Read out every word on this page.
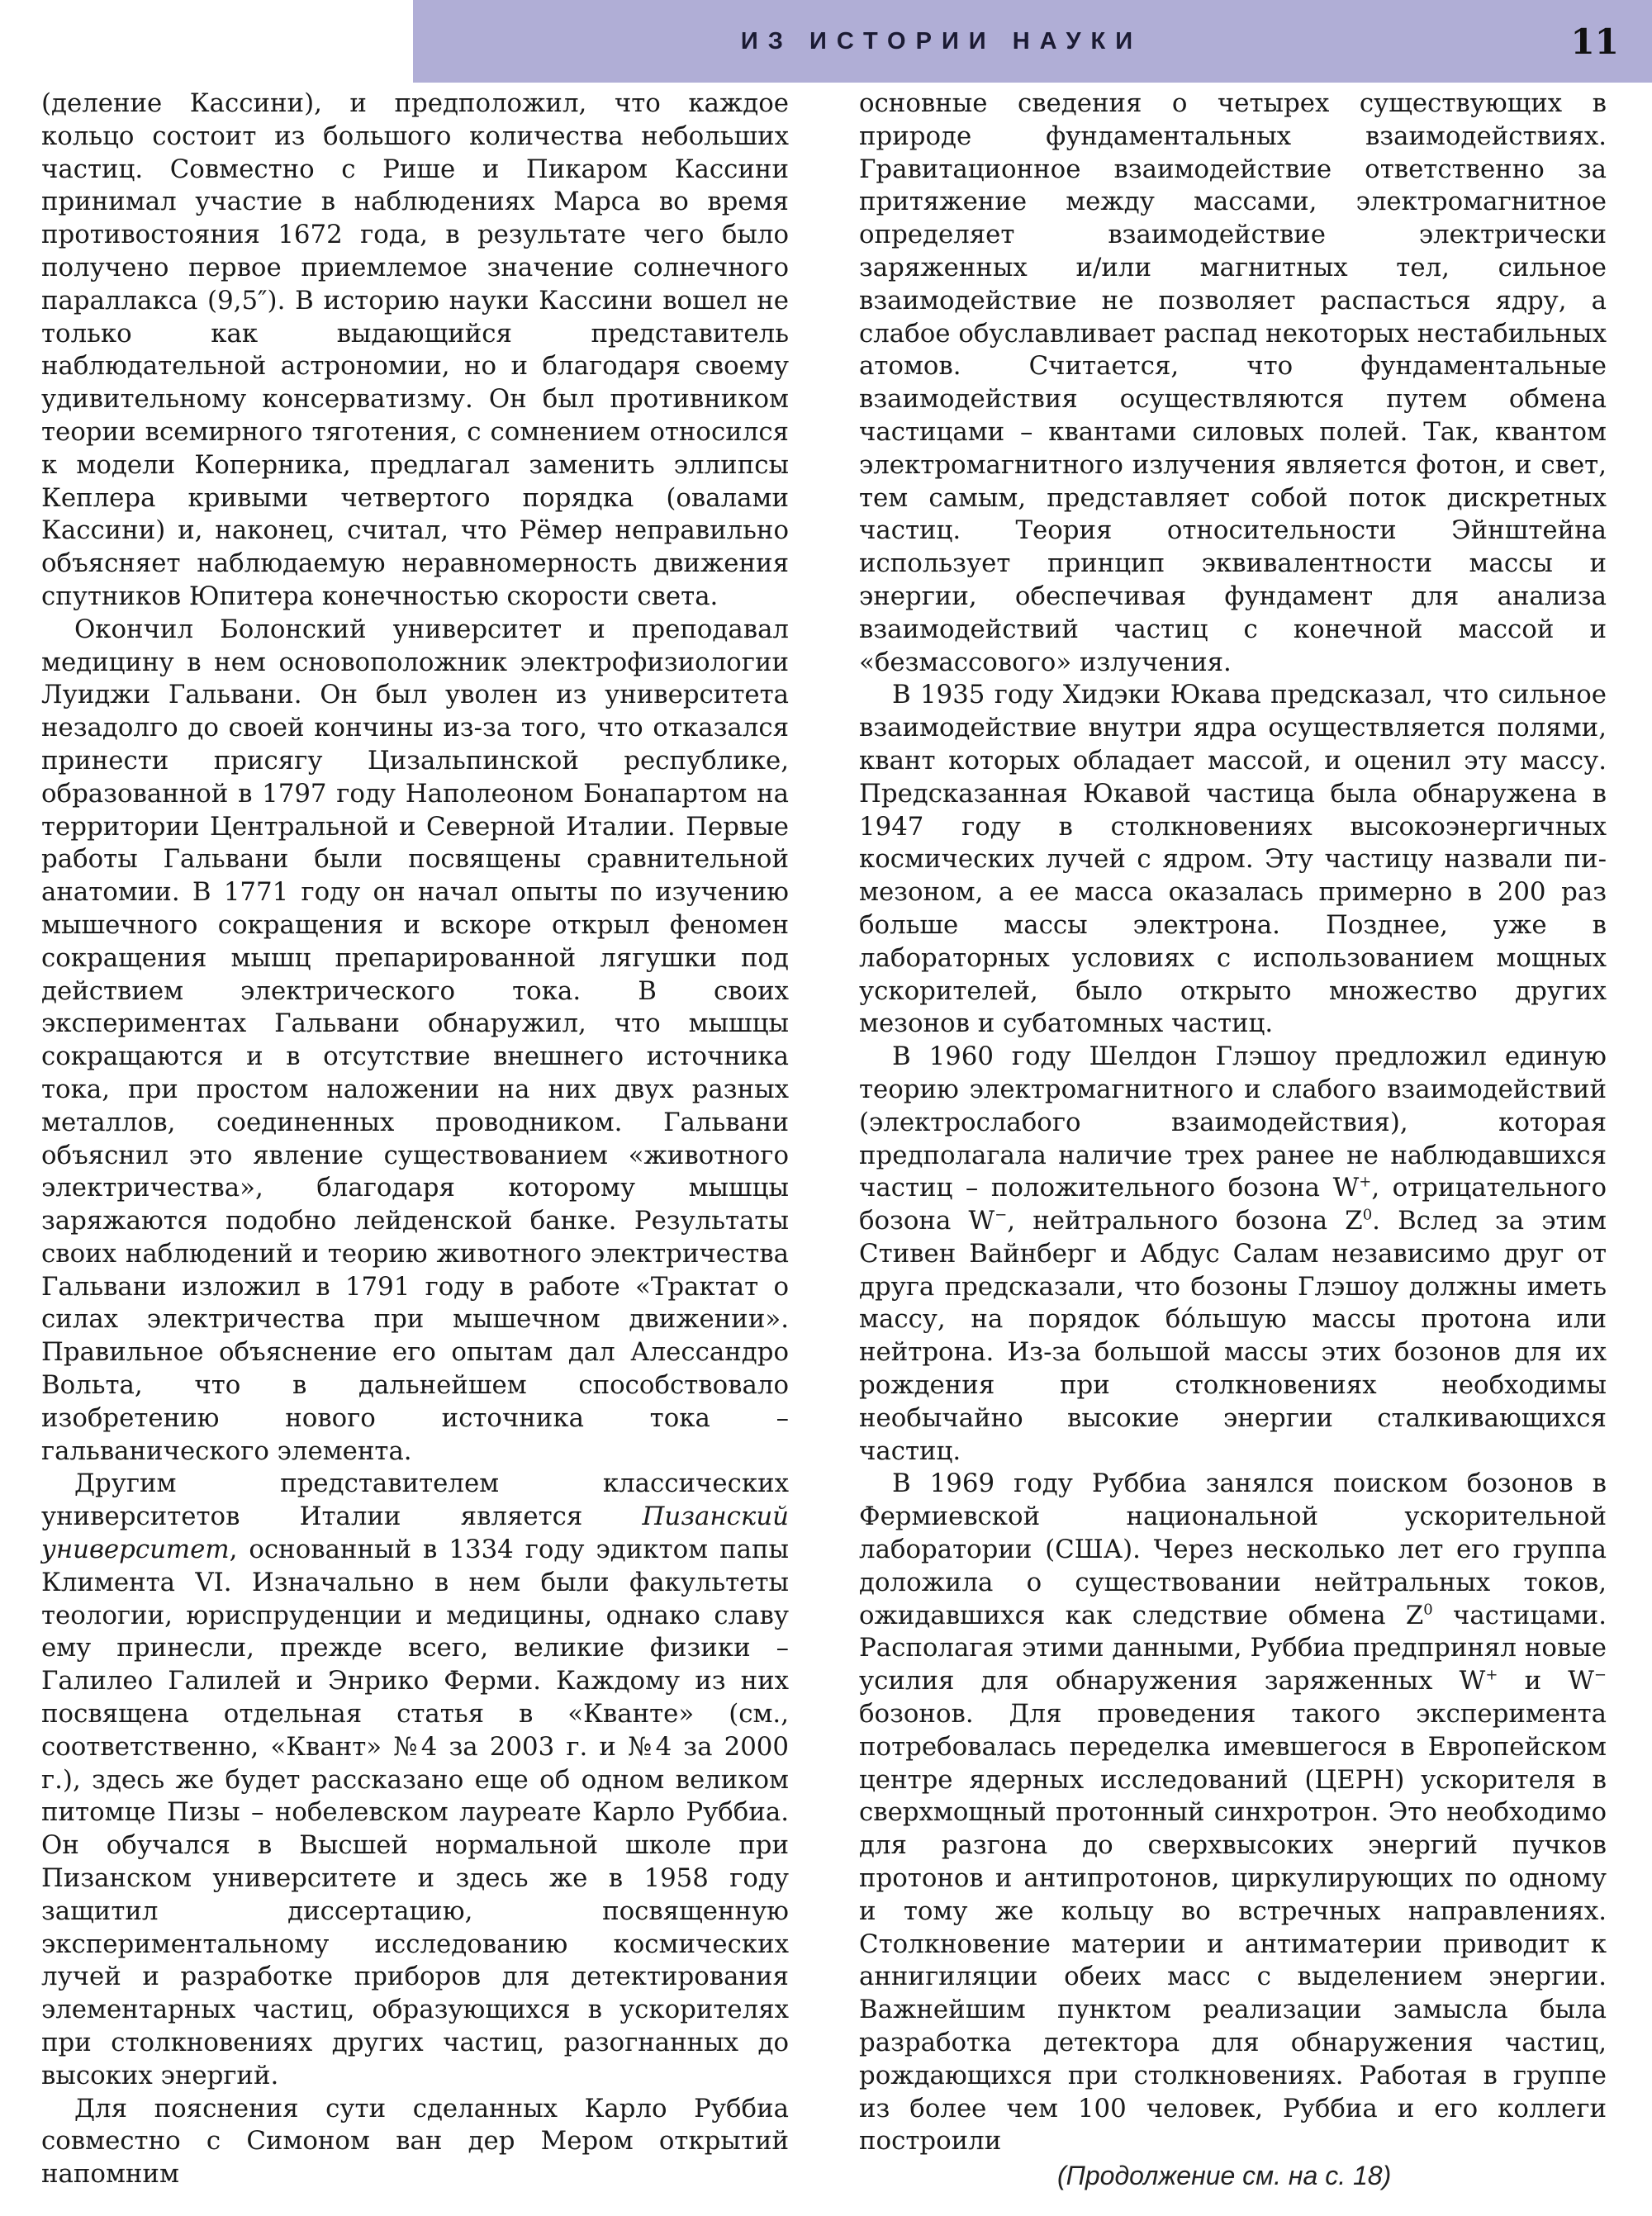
ИЗ ИСТОРИИ НАУКИ	11

(деление Кассини), и предположил, что каждое кольцо состоит из большого количества небольших частиц. Совместно с Рише и Пикаром Кассини принимал участие в наблюдениях Марса во время противостояния 1672 года, в результате чего было получено первое приемлемое значение солнечного параллакса (9,5″). В историю науки Кассини вошел не только как выдающийся представитель наблюдательной астрономии, но и благодаря своему удивительному консерватизму. Он был противником теории всемирного тяготения, с сомнением относился к модели Коперника, предлагал заменить эллипсы Кеплера кривыми четвертого порядка (овалами Кассини) и, наконец, считал, что Рёмер неправильно объясняет наблюдаемую неравномерность движения спутников Юпитера конечностью скорости света.

Окончил Болонский университет и преподавал медицину в нем основоположник электрофизиологии Луиджи Гальвани. Он был уволен из университета незадолго до своей кончины из-за того, что отказался принести присягу Цизальпинской республике, образованной в 1797 году Наполеоном Бонапартом на территории Центральной и Северной Италии. Первые работы Гальвани были посвящены сравнительной анатомии. В 1771 году он начал опыты по изучению мышечного сокращения и вскоре открыл феномен сокращения мышц препарированной лягушки под действием электрического тока. В своих экспериментах Гальвани обнаружил, что мышцы сокращаются и в отсутствие внешнего источника тока, при простом наложении на них двух разных металлов, соединенных проводником. Гальвани объяснил это явление существованием «животного электричества», благодаря которому мышцы заряжаются подобно лейденской банке. Результаты своих наблюдений и теорию животного электричества Гальвани изложил в 1791 году в работе «Трактат о силах электричества при мышечном движении». Правильное объяснение его опытам дал Алессандро Вольта, что в дальнейшем способствовало изобретению нового источника тока – гальванического элемента.

Другим представителем классических университетов Италии является Пизанский университет, основанный в 1334 году эдиктом папы Климента VI. Изначально в нем были факультеты теологии, юриспруденции и медицины, однако славу ему принесли, прежде всего, великие физики – Галилео Галилей и Энрико Ферми. Каждому из них посвящена отдельная статья в «Кванте» (см., соответственно, «Квант» №4 за 2003 г. и №4 за 2000 г.), здесь же будет рассказано еще об одном великом питомце Пизы – нобелевском лауреате Карло Руббиа. Он обучался в Высшей нормальной школе при Пизанском университете и здесь же в 1958 году защитил диссертацию, посвященную экспериментальному исследованию космических лучей и разработке приборов для детектирования элементарных частиц, образующихся в ускорителях при столкновениях других частиц, разогнанных до высоких энергий.

Для пояснения сути сделанных Карло Руббиа совместно с Симоном ван дер Мером открытий напомним

основные сведения о четырех существующих в природе фундаментальных взаимодействиях. Гравитационное взаимодействие ответственно за притяжение между массами, электромагнитное определяет взаимодействие электрически заряженных и/или магнитных тел, сильное взаимодействие не позволяет распасться ядру, а слабое обуславливает распад некоторых нестабильных атомов. Считается, что фундаментальные взаимодействия осуществляются путем обмена частицами – квантами силовых полей. Так, квантом электромагнитного излучения является фотон, и свет, тем самым, представляет собой поток дискретных частиц. Теория относительности Эйнштейна использует принцип эквивалентности массы и энергии, обеспечивая фундамент для анализа взаимодействий частиц с конечной массой и «безмассового» излучения.

В 1935 году Хидэки Юкава предсказал, что сильное взаимодействие внутри ядра осуществляется полями, квант которых обладает массой, и оценил эту массу. Предсказанная Юкавой частица была обнаружена в 1947 году в столкновениях высокоэнергичных космических лучей с ядром. Эту частицу назвали пи-мезоном, а ее масса оказалась примерно в 200 раз больше массы электрона. Позднее, уже в лабораторных условиях с использованием мощных ускорителей, было открыто множество других мезонов и субатомных частиц.

В 1960 году Шелдон Глэшоу предложил единую теорию электромагнитного и слабого взаимодействий (электрослабого взаимодействия), которая предполагала наличие трех ранее не наблюдавшихся частиц – положительного бозона W+, отрицательного бозона W−, нейтрального бозона $Z^0$. Вслед за этим Стивен Вайнберг и Абдус Салам независимо друг от друга предсказали, что бозоны Глэшоу должны иметь массу, на порядок бóльшую массы протона или нейтрона. Из-за большой массы этих бозонов для их рождения при столкновениях необходимы необычайно высокие энергии сталкивающихся частиц.

В 1969 году Руббиа занялся поиском бозонов в Фермиевской национальной ускорительной лаборатории (США). Через несколько лет его группа доложила о существовании нейтральных токов, ожидавшихся как следствие обмена $Z^0$ частицами. Располагая этими данными, Руббиа предпринял новые усилия для обнаружения заряженных W+ и W− бозонов. Для проведения такого эксперимента потребовалась переделка имевшегося в Европейском центре ядерных исследований (ЦЕРН) ускорителя в сверхмощный протонный синхротрон. Это необходимо для разгона до сверхвысоких энергий пучков протонов и антипротонов, циркулирующих по одному и тому же кольцу во встречных направлениях. Столкновение материи и антиматерии приводит к аннигиляции обеих масс с выделением энергии. Важнейшим пунктом реализации замысла была разработка детектора для обнаружения частиц, рождающихся при столкновениях. Работая в группе из более чем 100 человек, Руббиа и его коллеги построили

(Продолжение см. на с. 18)
